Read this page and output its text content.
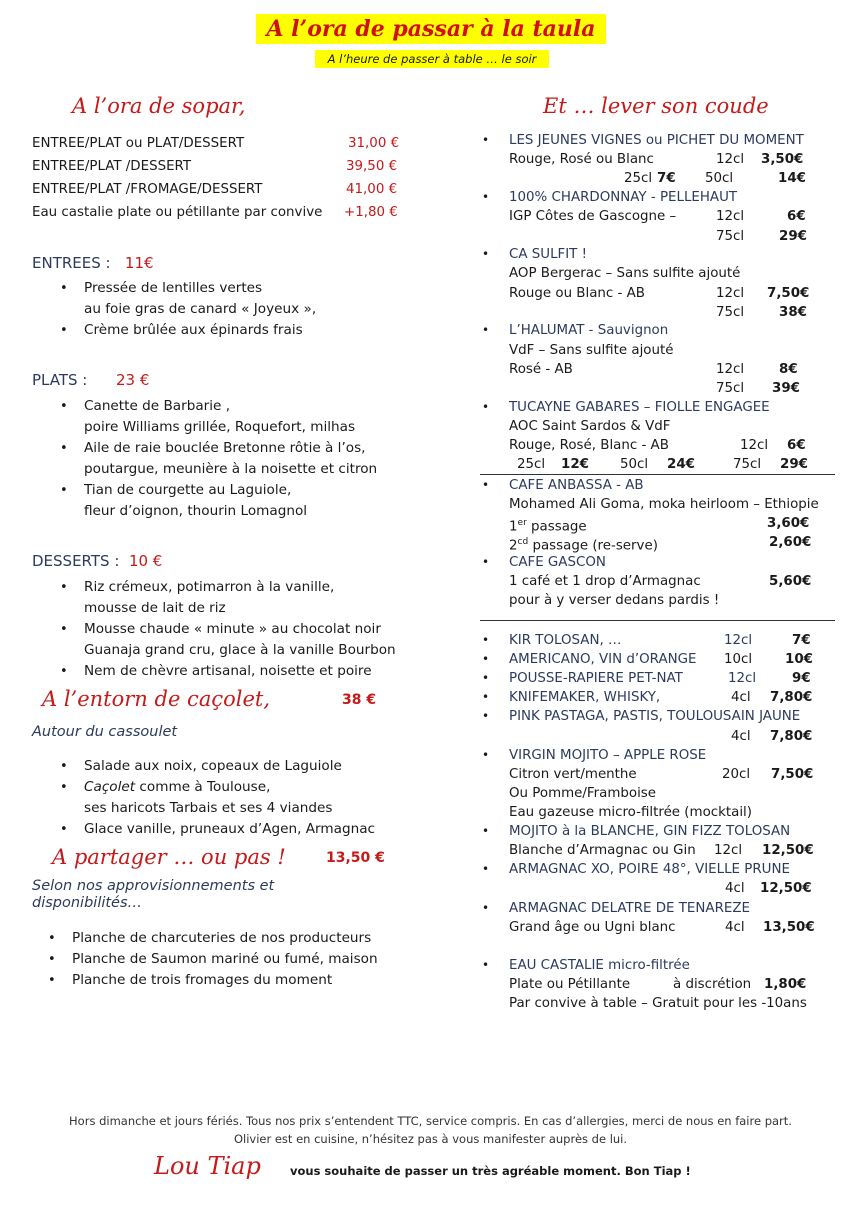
A l’ora de passar à la taula
A l’heure de passer à table … le soir
A l’ora de sopar,
ENTREE/PLAT ou PLAT/DESSERT	31,00 €
ENTREE/PLAT /DESSERT	39,50 €
ENTREE/PLAT /FROMAGE/DESSERT	41,00 €
Eau castalie plate ou pétillante par convive +1,80 €
ENTREES : 11€
• Pressée de lentilles vertes
au foie gras de canard « Joyeux »,
• Crème brûlée aux épinards frais
PLATS : 23 €
• Canette de Barbarie ,
poire Williams grillée, Roquefort, milhas
• Aile de raie bouclée Bretonne rôtie à l’os,
poutargue, meunière à la noisette et citron
• Tian de courgette au Laguiole,
fleur d’oignon, thourin Lomagnol
DESSERTS : 10 €
• Riz crémeux, potimarron à la vanille,
mousse de lait de riz
• Mousse chaude « minute » au chocolat noir
Guanaja grand cru, glace à la vanille Bourbon
• Nem de chèvre artisanal, noisette et poire
A l’entorn de caçolet,	38 €
Autour du cassoulet
• Salade aux noix, copeaux de Laguiole
• Caçolet comme à Toulouse,
ses haricots Tarbais et ses 4 viandes
• Glace vanille, pruneaux d’Agen, Armagnac
A partager … ou pas !	13,50 €
Selon nos approvisionnements et
disponibilités…
• Planche de charcuteries de nos producteurs
• Planche de Saumon mariné ou fumé, maison
• Planche de trois fromages du moment
Et … lever son coude
• LES JEUNES VIGNES ou PICHET DU MOMENT
Rouge, Rosé ou Blanc	12cl 3,50€
25cl 7€ 50cl	14€
• 100% CHARDONNAY - PELLEHAUT
IGP Côtes de Gascogne –	12cl	6€
75cl	29€
• CA SULFIT !
AOP Bergerac – Sans sulfite ajouté
Rouge ou Blanc - AB	12cl 7,50€
75cl	38€
• L’HALUMAT - Sauvignon
VdF – Sans sulfite ajouté
Rosé - AB	12cl	8€
75cl 39€
• TUCAYNE GABARES – FIOLLE ENGAGEE
AOC Saint Sardos & VdF
Rouge, Rosé, Blanc - AB	12cl 6€
25cl 12€ 50cl 24€	75cl 29€
• CAFE ANBASSA - AB
Mohamed Ali Goma, moka heirloom – Ethiopie
1er passage	3,60€
$2^{cd}$ passage (re-serve)	2,60€
• CAFE GASCON
1 café et 1 drop d’Armagnac	5,60€
pour à y verser dedans pardis !
• KIR TOLOSAN, …	12cl	7€
• AMERICANO, VIN d’ORANGE 10cl 10€
• POUSSE-RAPIERE PET-NAT	12cl	9€
• KNIFEMAKER, WHISKY,	4cl 7,80€
• PINK PASTAGA, PASTIS, TOULOUSAIN JAUNE
4cl 7,80€
• VIRGIN MOJITO – APPLE ROSE
Citron vert/menthe	20cl 7,50€
Ou Pomme/Framboise
Eau gazeuse micro-filtrée (mocktail)
• MOJITO à la BLANCHE, GIN FIZZ TOLOSAN
Blanche d’Armagnac ou Gin 12cl 12,50€
• ARMAGNAC XO, POIRE 48°, VIELLE PRUNE
4cl 12,50€
• ARMAGNAC DELATRE DE TENAREZE
Grand âge ou Ugni blanc	4cl 13,50€
• EAU CASTALIE micro-filtrée
Plate ou Pétillante	à discrétion 1,80€
Par convive à table – Gratuit pour les -10ans
Hors dimanche et jours fériés. Tous nos prix s’entendent TTC, service compris. En cas d’allergies, merci de nous en faire part.
Olivier est en cuisine, n’hésitez pas à vous manifester auprès de lui.
Lou Tiap	vous souhaite de passer un très agréable moment. Bon Tiap !
